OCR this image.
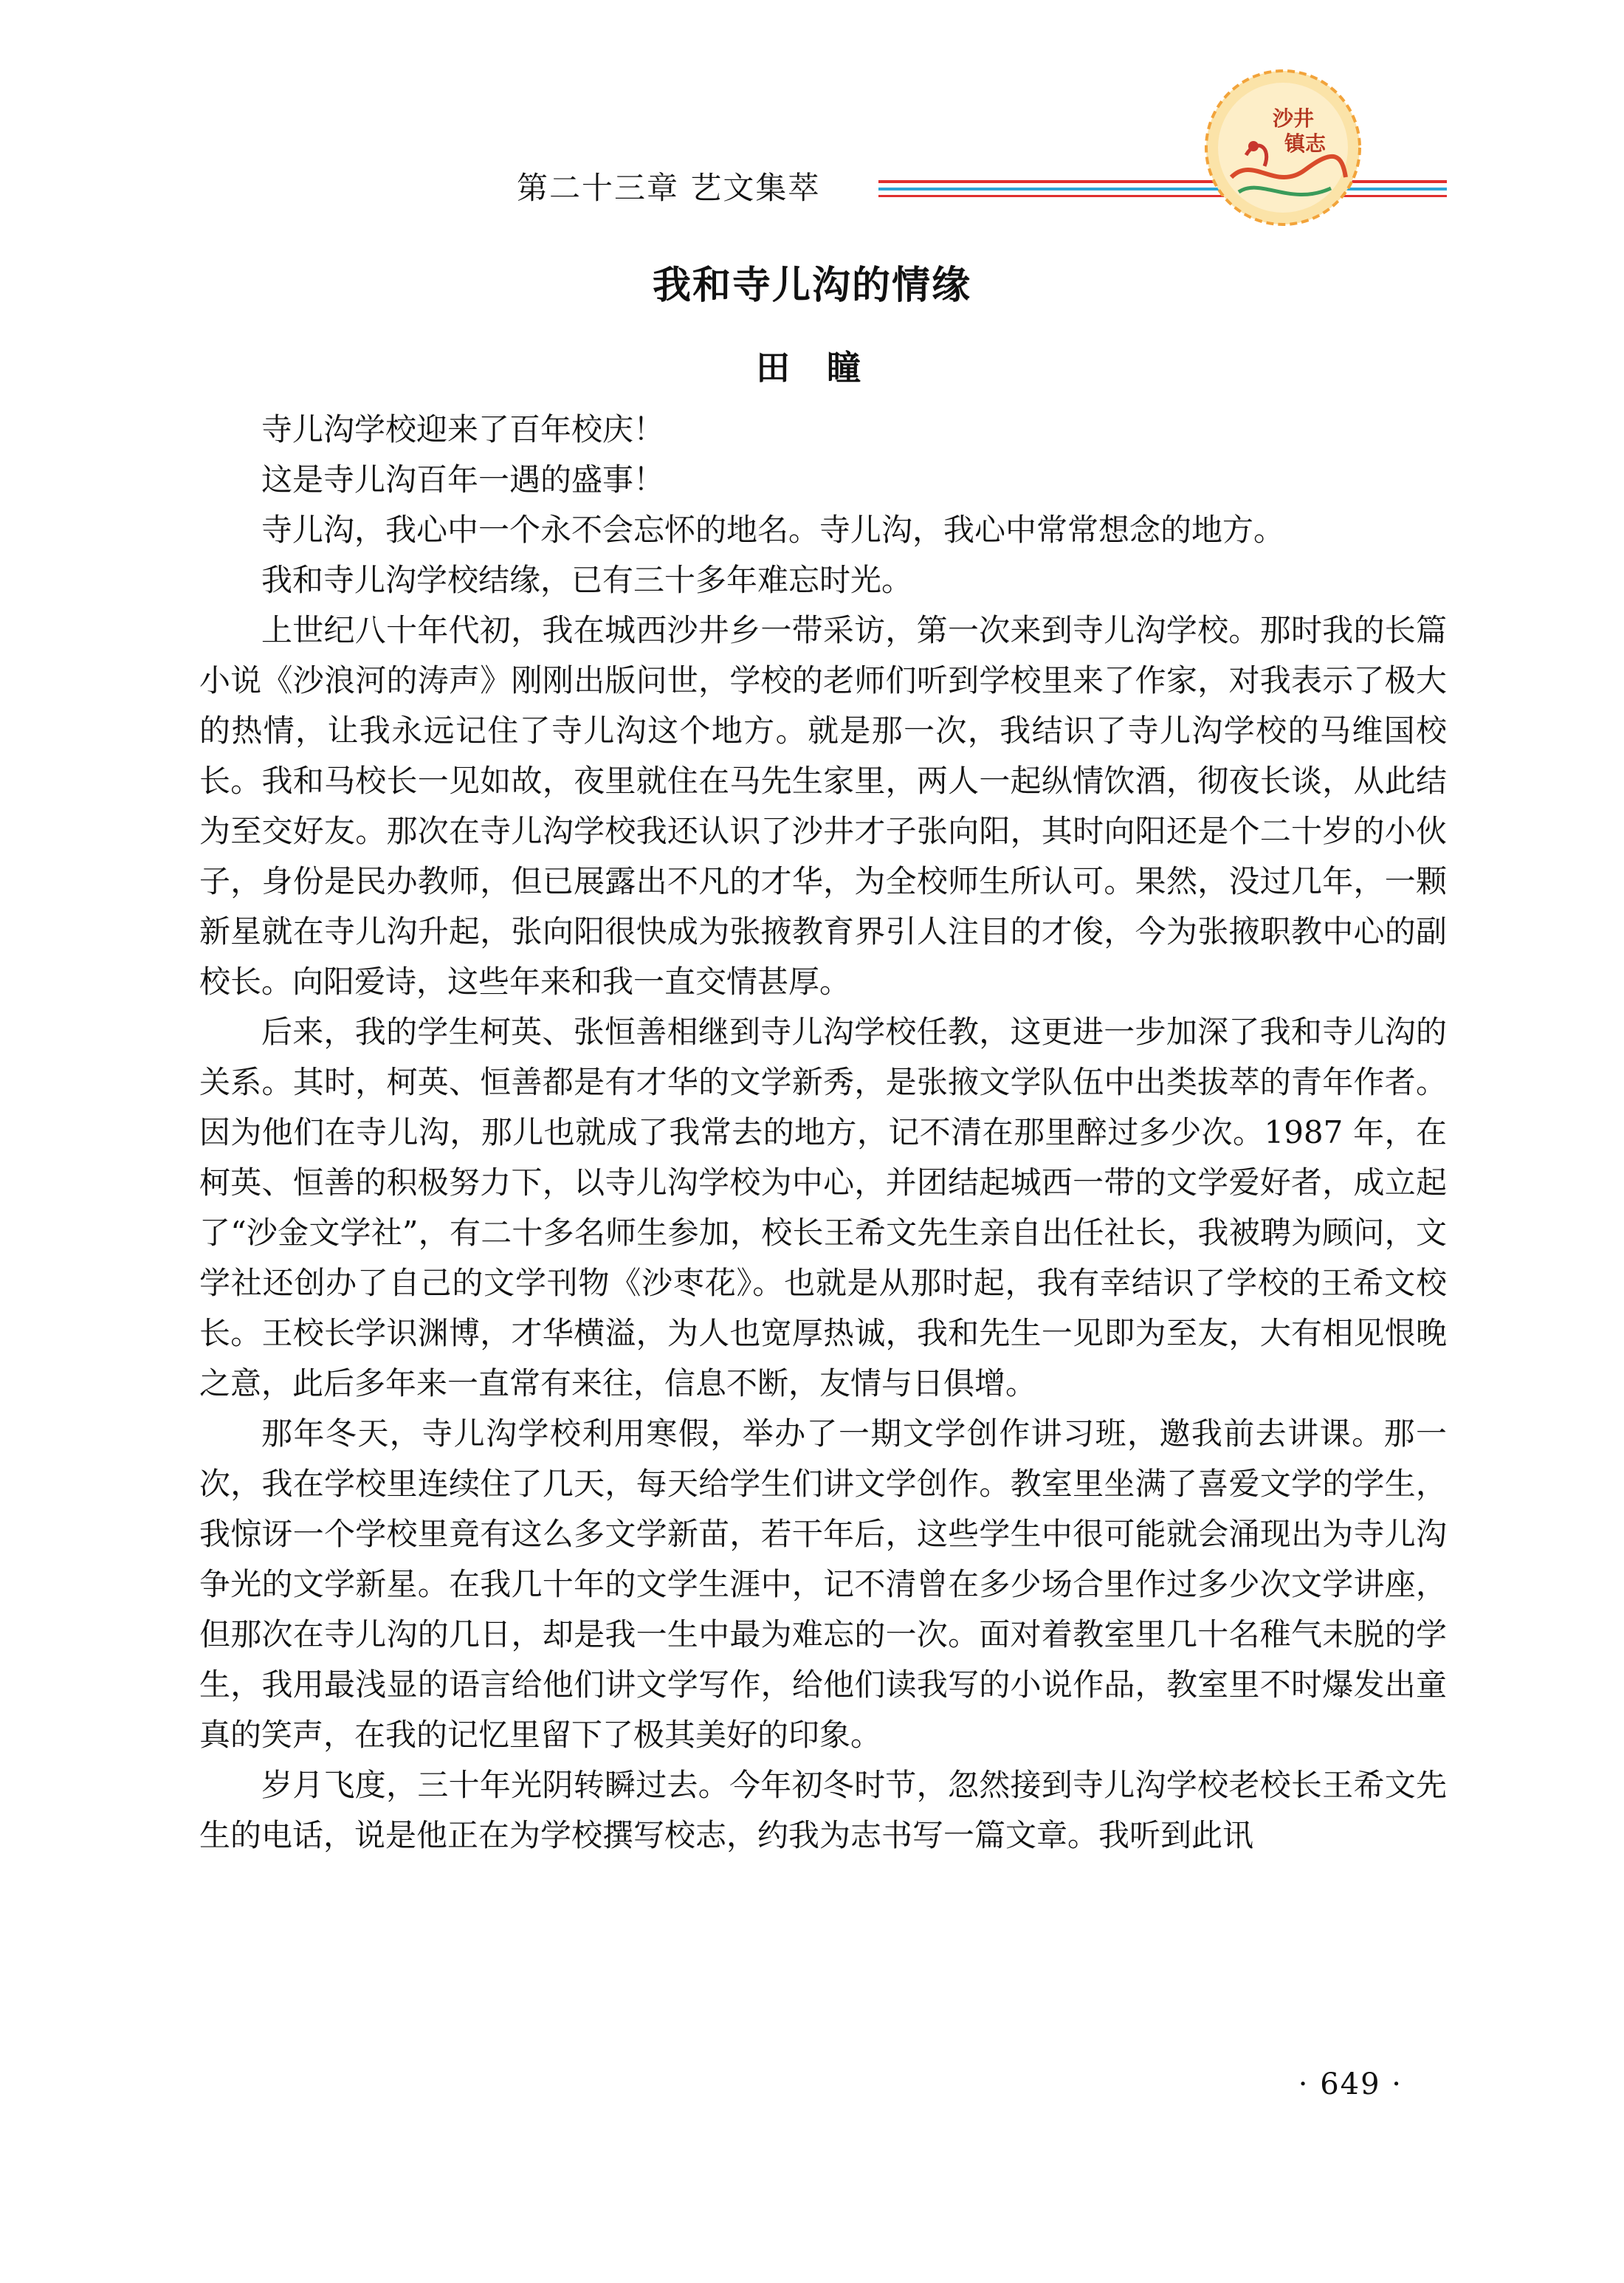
第二十三章 艺文集萃
沙井
镇志
我和寺儿沟的情缘
田瞳

寺儿沟学校迎来了百年校庆！

这是寺儿沟百年一遇的盛事！

寺儿沟，我心中一个永不会忘怀的地名。寺儿沟，我心中常常想念的地方。

我和寺儿沟学校结缘，已有三十多年难忘时光。

上世纪八十年代初，我在城西沙井乡一带采访，第一次来到寺儿沟学校。那时我的长篇小说《沙浪河的涛声》刚刚出版问世，学校的老师们听到学校里来了作家，对我表示了极大的热情，让我永远记住了寺儿沟这个地方。就是那一次，我结识了寺儿沟学校的马维国校长。我和马校长一见如故，夜里就住在马先生家里，两人一起纵情饮酒，彻夜长谈，从此结为至交好友。那次在寺儿沟学校我还认识了沙井才子张向阳，其时向阳还是个二十岁的小伙子，身份是民办教师，但已展露出不凡的才华，为全校师生所认可。果然，没过几年，一颗新星就在寺儿沟升起，张向阳很快成为张掖教育界引人注目的才俊，今为张掖职教中心的副校长。向阳爱诗，这些年来和我一直交情甚厚。

后来，我的学生柯英、张恒善相继到寺儿沟学校任教，这更进一步加深了我和寺儿沟的关系。其时，柯英、恒善都是有才华的文学新秀，是张掖文学队伍中出类拔萃的青年作者。因为他们在寺儿沟，那儿也就成了我常去的地方，记不清在那里醉过多少次。1987 年，在柯英、恒善的积极努力下，以寺儿沟学校为中心，并团结起城西一带的文学爱好者，成立起了“沙金文学社”，有二十多名师生参加，校长王希文先生亲自出任社长，我被聘为顾问，文学社还创办了自己的文学刊物《沙枣花》。也就是从那时起，我有幸结识了学校的王希文校长。王校长学识渊博，才华横溢，为人也宽厚热诚，我和先生一见即为至友，大有相见恨晚之意，此后多年来一直常有来往，信息不断，友情与日俱增。

那年冬天，寺儿沟学校利用寒假，举办了一期文学创作讲习班，邀我前去讲课。那一次，我在学校里连续住了几天，每天给学生们讲文学创作。教室里坐满了喜爱文学的学生，我惊讶一个学校里竟有这么多文学新苗，若干年后，这些学生中很可能就会涌现出为寺儿沟争光的文学新星。在我几十年的文学生涯中，记不清曾在多少场合里作过多少次文学讲座，但那次在寺儿沟的几日，却是我一生中最为难忘的一次。面对着教室里几十名稚气未脱的学生，我用最浅显的语言给他们讲文学写作，给他们读我写的小说作品，教室里不时爆发出童真的笑声，在我的记忆里留下了极其美好的印象。

岁月飞度，三十年光阴转瞬过去。今年初冬时节，忽然接到寺儿沟学校老校长王希文先生的电话，说是他正在为学校撰写校志，约我为志书写一篇文章。我听到此讯

· 649 ·
